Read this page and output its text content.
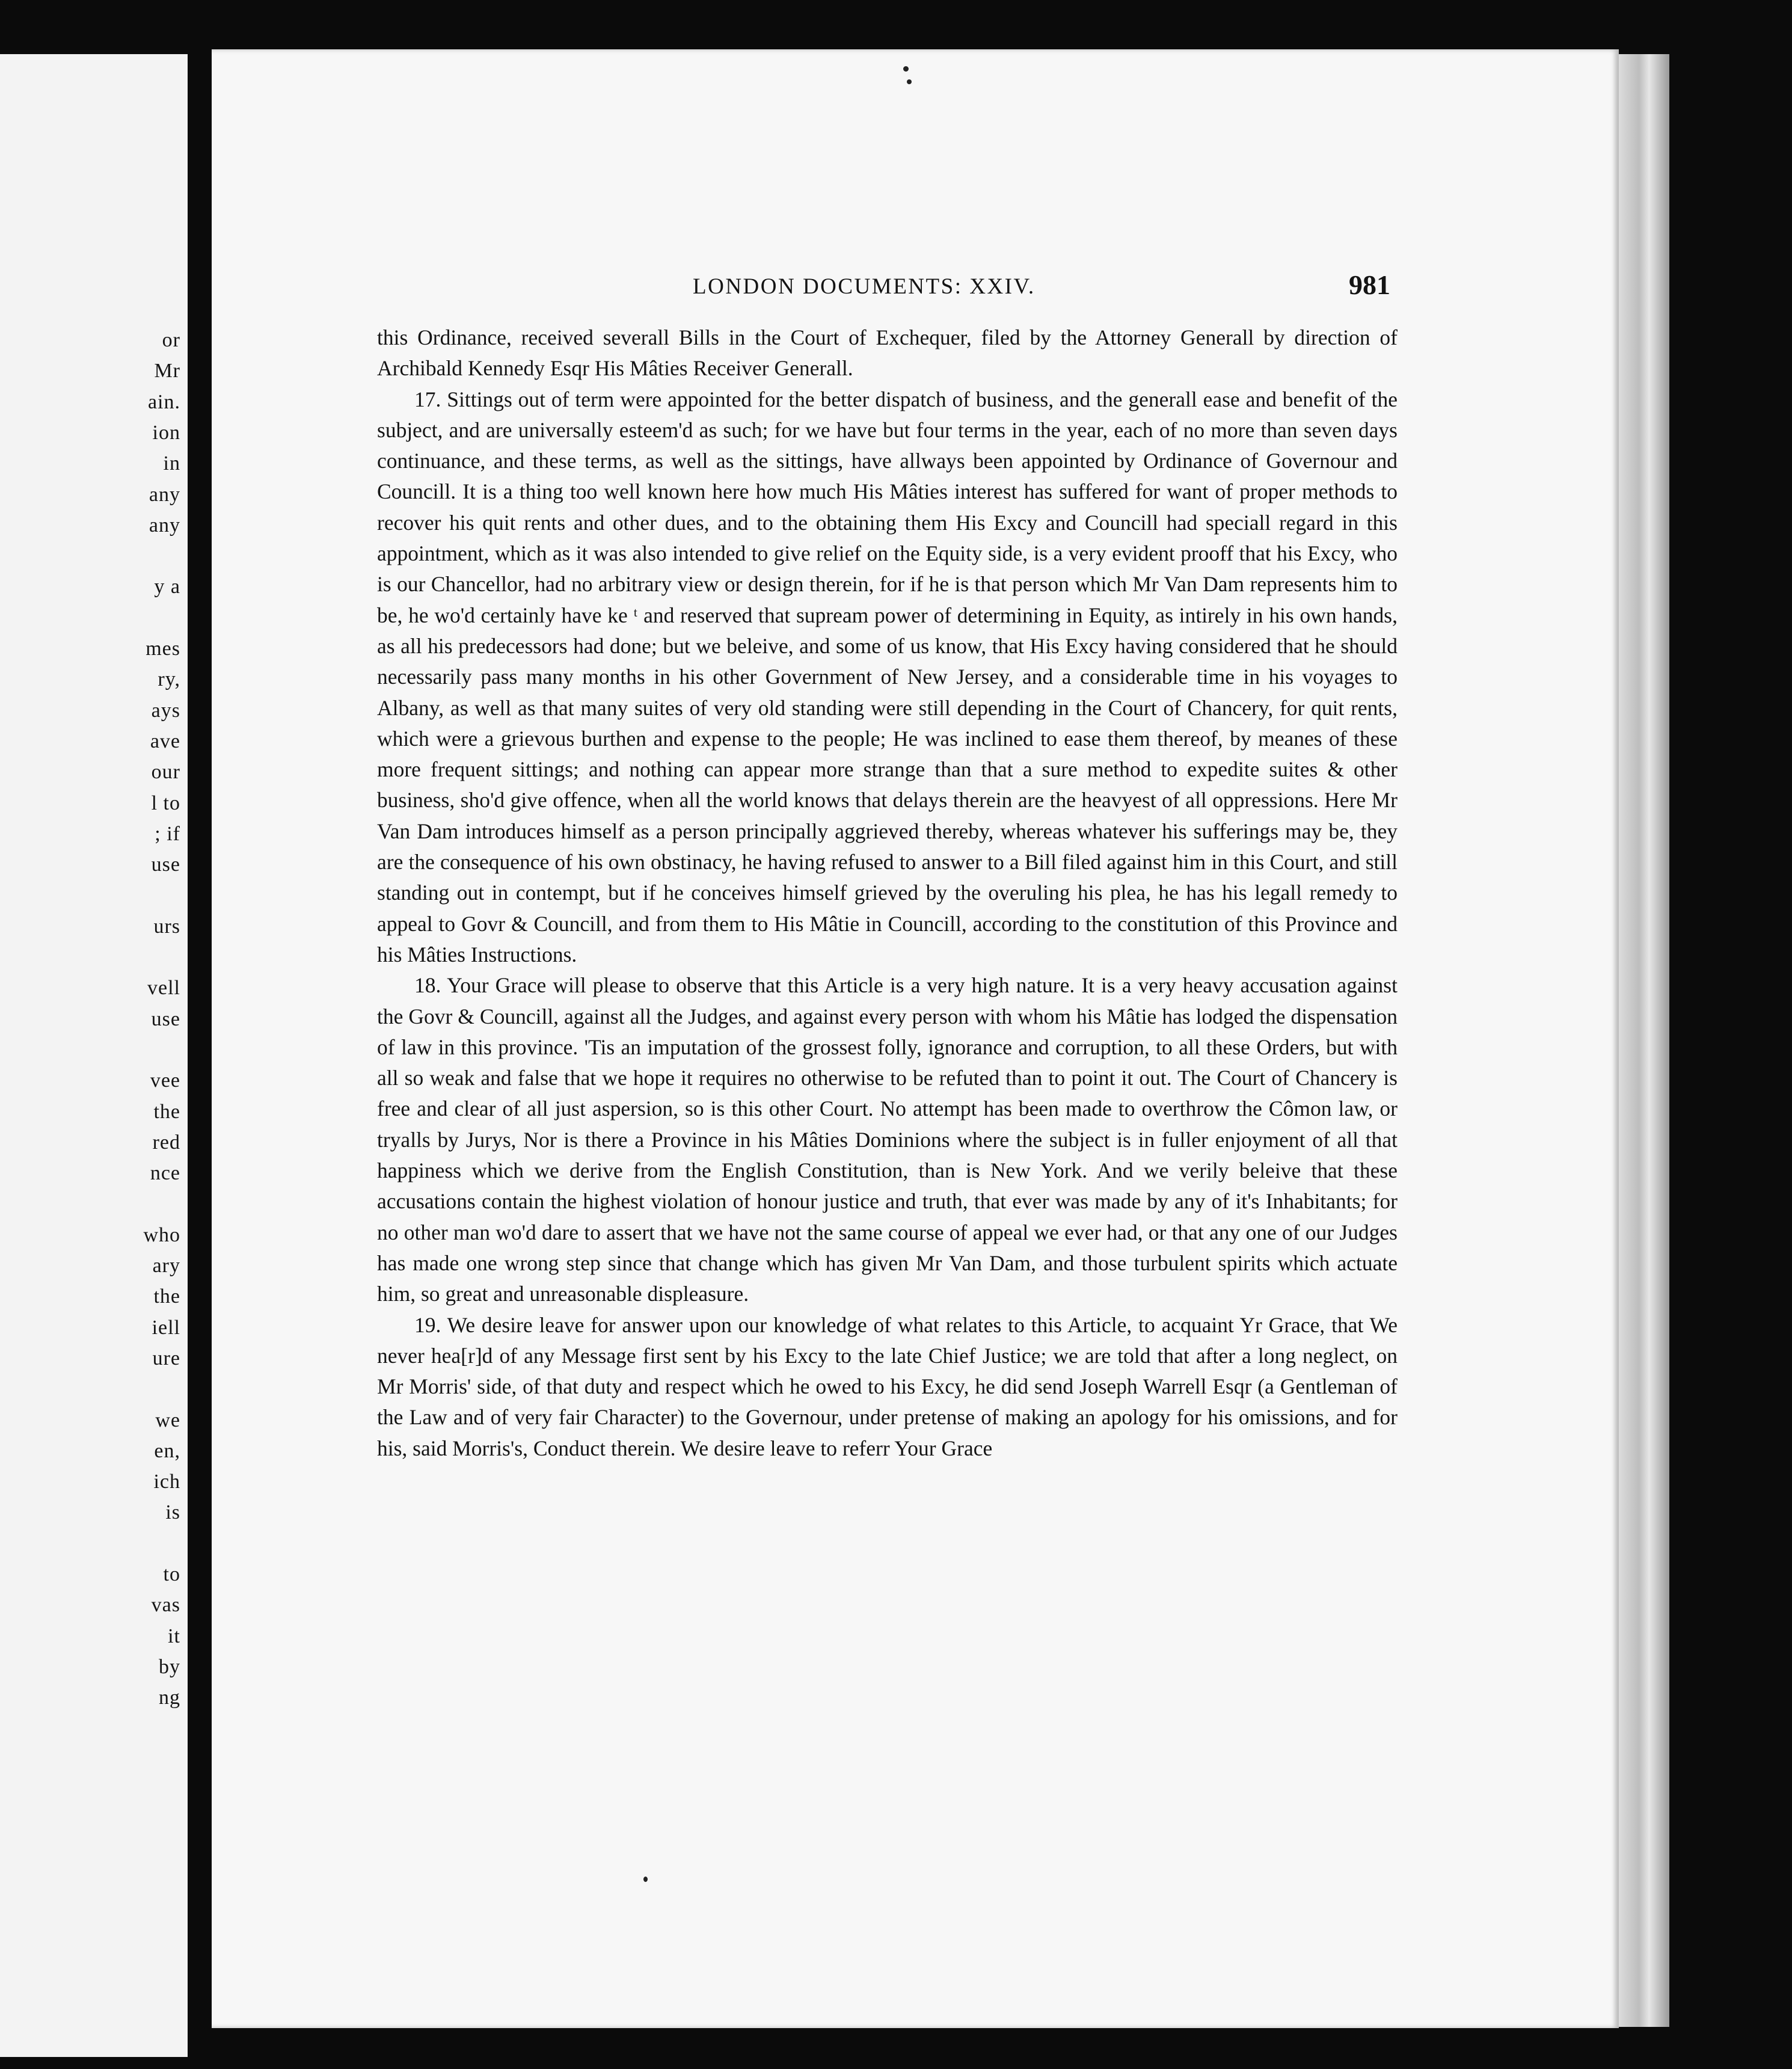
or
Mr
ain.
ion
in
any
any
y a
mes
ry,
ays
ave
our
l to
; if
use
urs
vell
use
vee
the
red
nce
who
ary
the
iell
ure
we
en,
ich
is
to
vas
it
by
ng
LONDON DOCUMENTS: XXIV.	981

this Ordinance, received severall Bills in the Court of Exchequer, filed by the Attorney Generall by direction of Archibald Kennedy Esqr His Mâties Receiver Generall.

17. Sittings out of term were appointed for the better dispatch of business, and the generall ease and benefit of the subject, and are universally esteem'd as such; for we have but four terms in the year, each of no more than seven days continuance, and these terms, as well as the sittings, have allways been appointed by Ordinance of Governour and Councill. It is a thing too well known here how much His Mâties interest has suffered for want of proper methods to recover his quit rents and other dues, and to the obtaining them His Excy and Councill had speciall regard in this appointment, which as it was also intended to give relief on the Equity side, is a very evident prooff that his Excy, who is our Chancellor, had no arbitrary view or design therein, for if he is that person which Mr Van Dam represents him to be, he wo'd certainly have ke ᵗ and reserved that supream power of determining in Equity, as intirely in his own hands, as all his predecessors had done; but we beleive, and some of us know, that His Excy having considered that he should necessarily pass many months in his other Government of New Jersey, and a considerable time in his voyages to Albany, as well as that many suites of very old standing were still depending in the Court of Chancery, for quit rents, which were a grievous burthen and expense to the people; He was inclined to ease them thereof, by meanes of these more frequent sittings; and nothing can appear more strange than that a sure method to expedite suites & other business, sho'd give offence, when all the world knows that delays therein are the heavyest of all oppressions. Here Mr Van Dam introduces himself as a person principally aggrieved thereby, whereas whatever his sufferings may be, they are the consequence of his own obstinacy, he having refused to answer to a Bill filed against him in this Court, and still standing out in contempt, but if he conceives himself grieved by the overuling his plea, he has his legall remedy to appeal to Govr & Councill, and from them to His Mâtie in Councill, according to the constitution of this Province and his Mâties Instructions.

18. Your Grace will please to observe that this Article is a very high nature. It is a very heavy accusation against the Govr & Councill, against all the Judges, and against every person with whom his Mâtie has lodged the dispensation of law in this province. 'Tis an imputation of the grossest folly, ignorance and corruption, to all these Orders, but with all so weak and false that we hope it requires no otherwise to be refuted than to point it out. The Court of Chancery is free and clear of all just aspersion, so is this other Court. No attempt has been made to overthrow the Cômon law, or tryalls by Jurys, Nor is there a Province in his Mâties Dominions where the subject is in fuller enjoyment of all that happiness which we derive from the English Constitution, than is New York. And we verily beleive that these accusations contain the highest violation of honour justice and truth, that ever was made by any of it's Inhabitants; for no other man wo'd dare to assert that we have not the same course of appeal we ever had, or that any one of our Judges has made one wrong step since that change which has given Mr Van Dam, and those turbulent spirits which actuate him, so great and unreasonable displeasure.

19. We desire leave for answer upon our knowledge of what relates to this Article, to acquaint Yr Grace, that We never hea[r]d of any Message first sent by his Excy to the late Chief Justice; we are told that after a long neglect, on Mr Morris' side, of that duty and respect which he owed to his Excy, he did send Joseph Warrell Esqr (a Gentleman of the Law and of very fair Character) to the Governour, under pretense of making an apology for his omissions, and for his, said Morris's, Conduct therein. We desire leave to referr Your Grace
